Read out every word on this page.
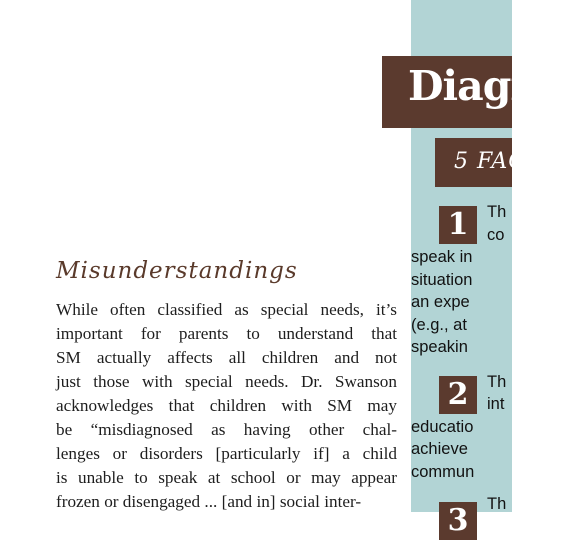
Misunderstandings

While often classified as special needs, it’s
important for parents to understand that
SM actually affects all children and not
just those with special needs. Dr. Swanson
acknowledges that children with SM may
be “misdiagnosed as having other chal-
lenges or disorders [particularly if] a child
is unable to speak at school or may appear
frozen or disengaged ... [and in] social inter-

1	Th
co
speak in
situation
an expe
(e.g., at
speakin
2	Th
int
educatio
achieve
commun
3	Th
Diagnos
5 FAC
